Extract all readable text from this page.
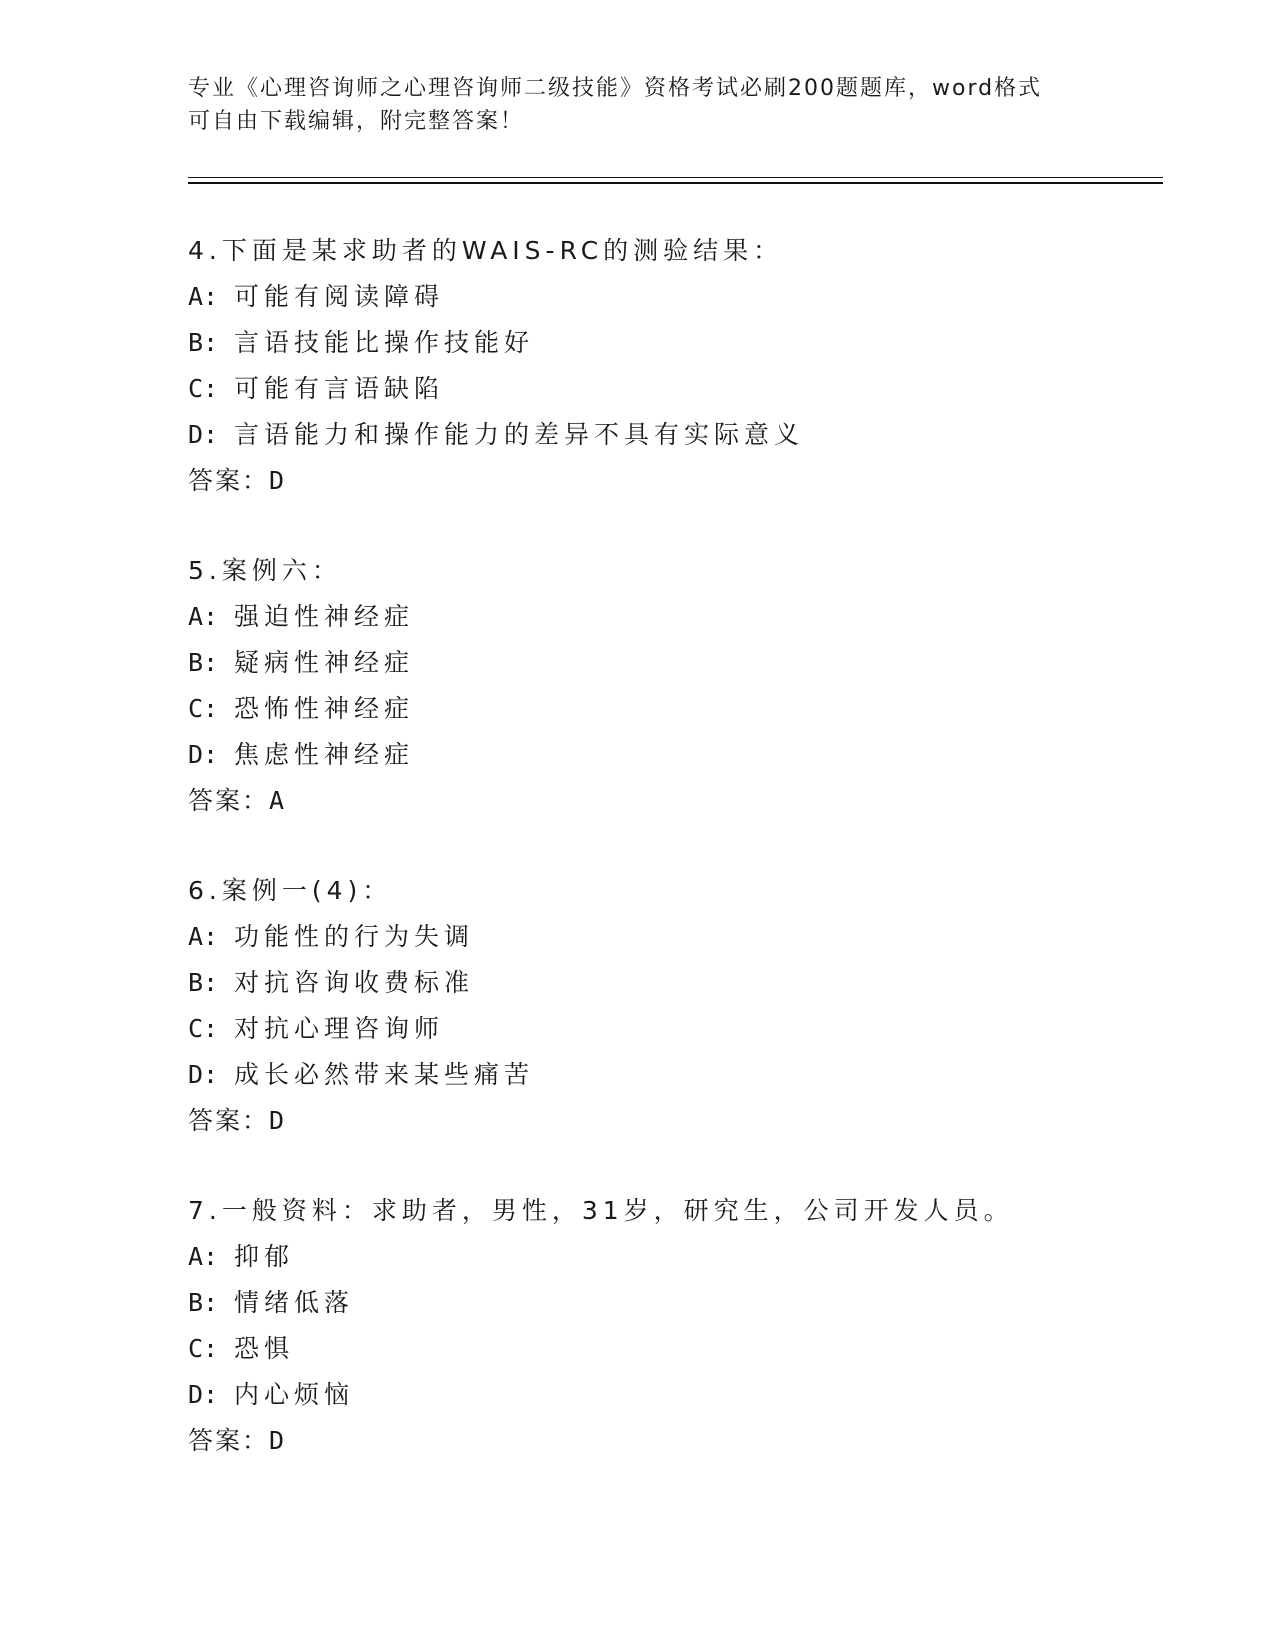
专业《心理咨询师之心理咨询师二级技能》资格考试必刷200题题库，word格式
可自由下载编辑，附完整答案！
4.下面是某求助者的WAIS-RC的测验结果：
A: 可能有阅读障碍
B: 言语技能比操作技能好
C: 可能有言语缺陷
D: 言语能力和操作能力的差异不具有实际意义
答案：D
5.案例六：
A: 强迫性神经症
B: 疑病性神经症
C: 恐怖性神经症
D: 焦虑性神经症
答案：A
6.案例一(4)：
A: 功能性的行为失调
B: 对抗咨询收费标准
C: 对抗心理咨询师
D: 成长必然带来某些痛苦
答案：D
7.一般资料：求助者，男性，31岁，研究生，公司开发人员。
A: 抑郁
B: 情绪低落
C: 恐惧
D: 内心烦恼
答案：D
